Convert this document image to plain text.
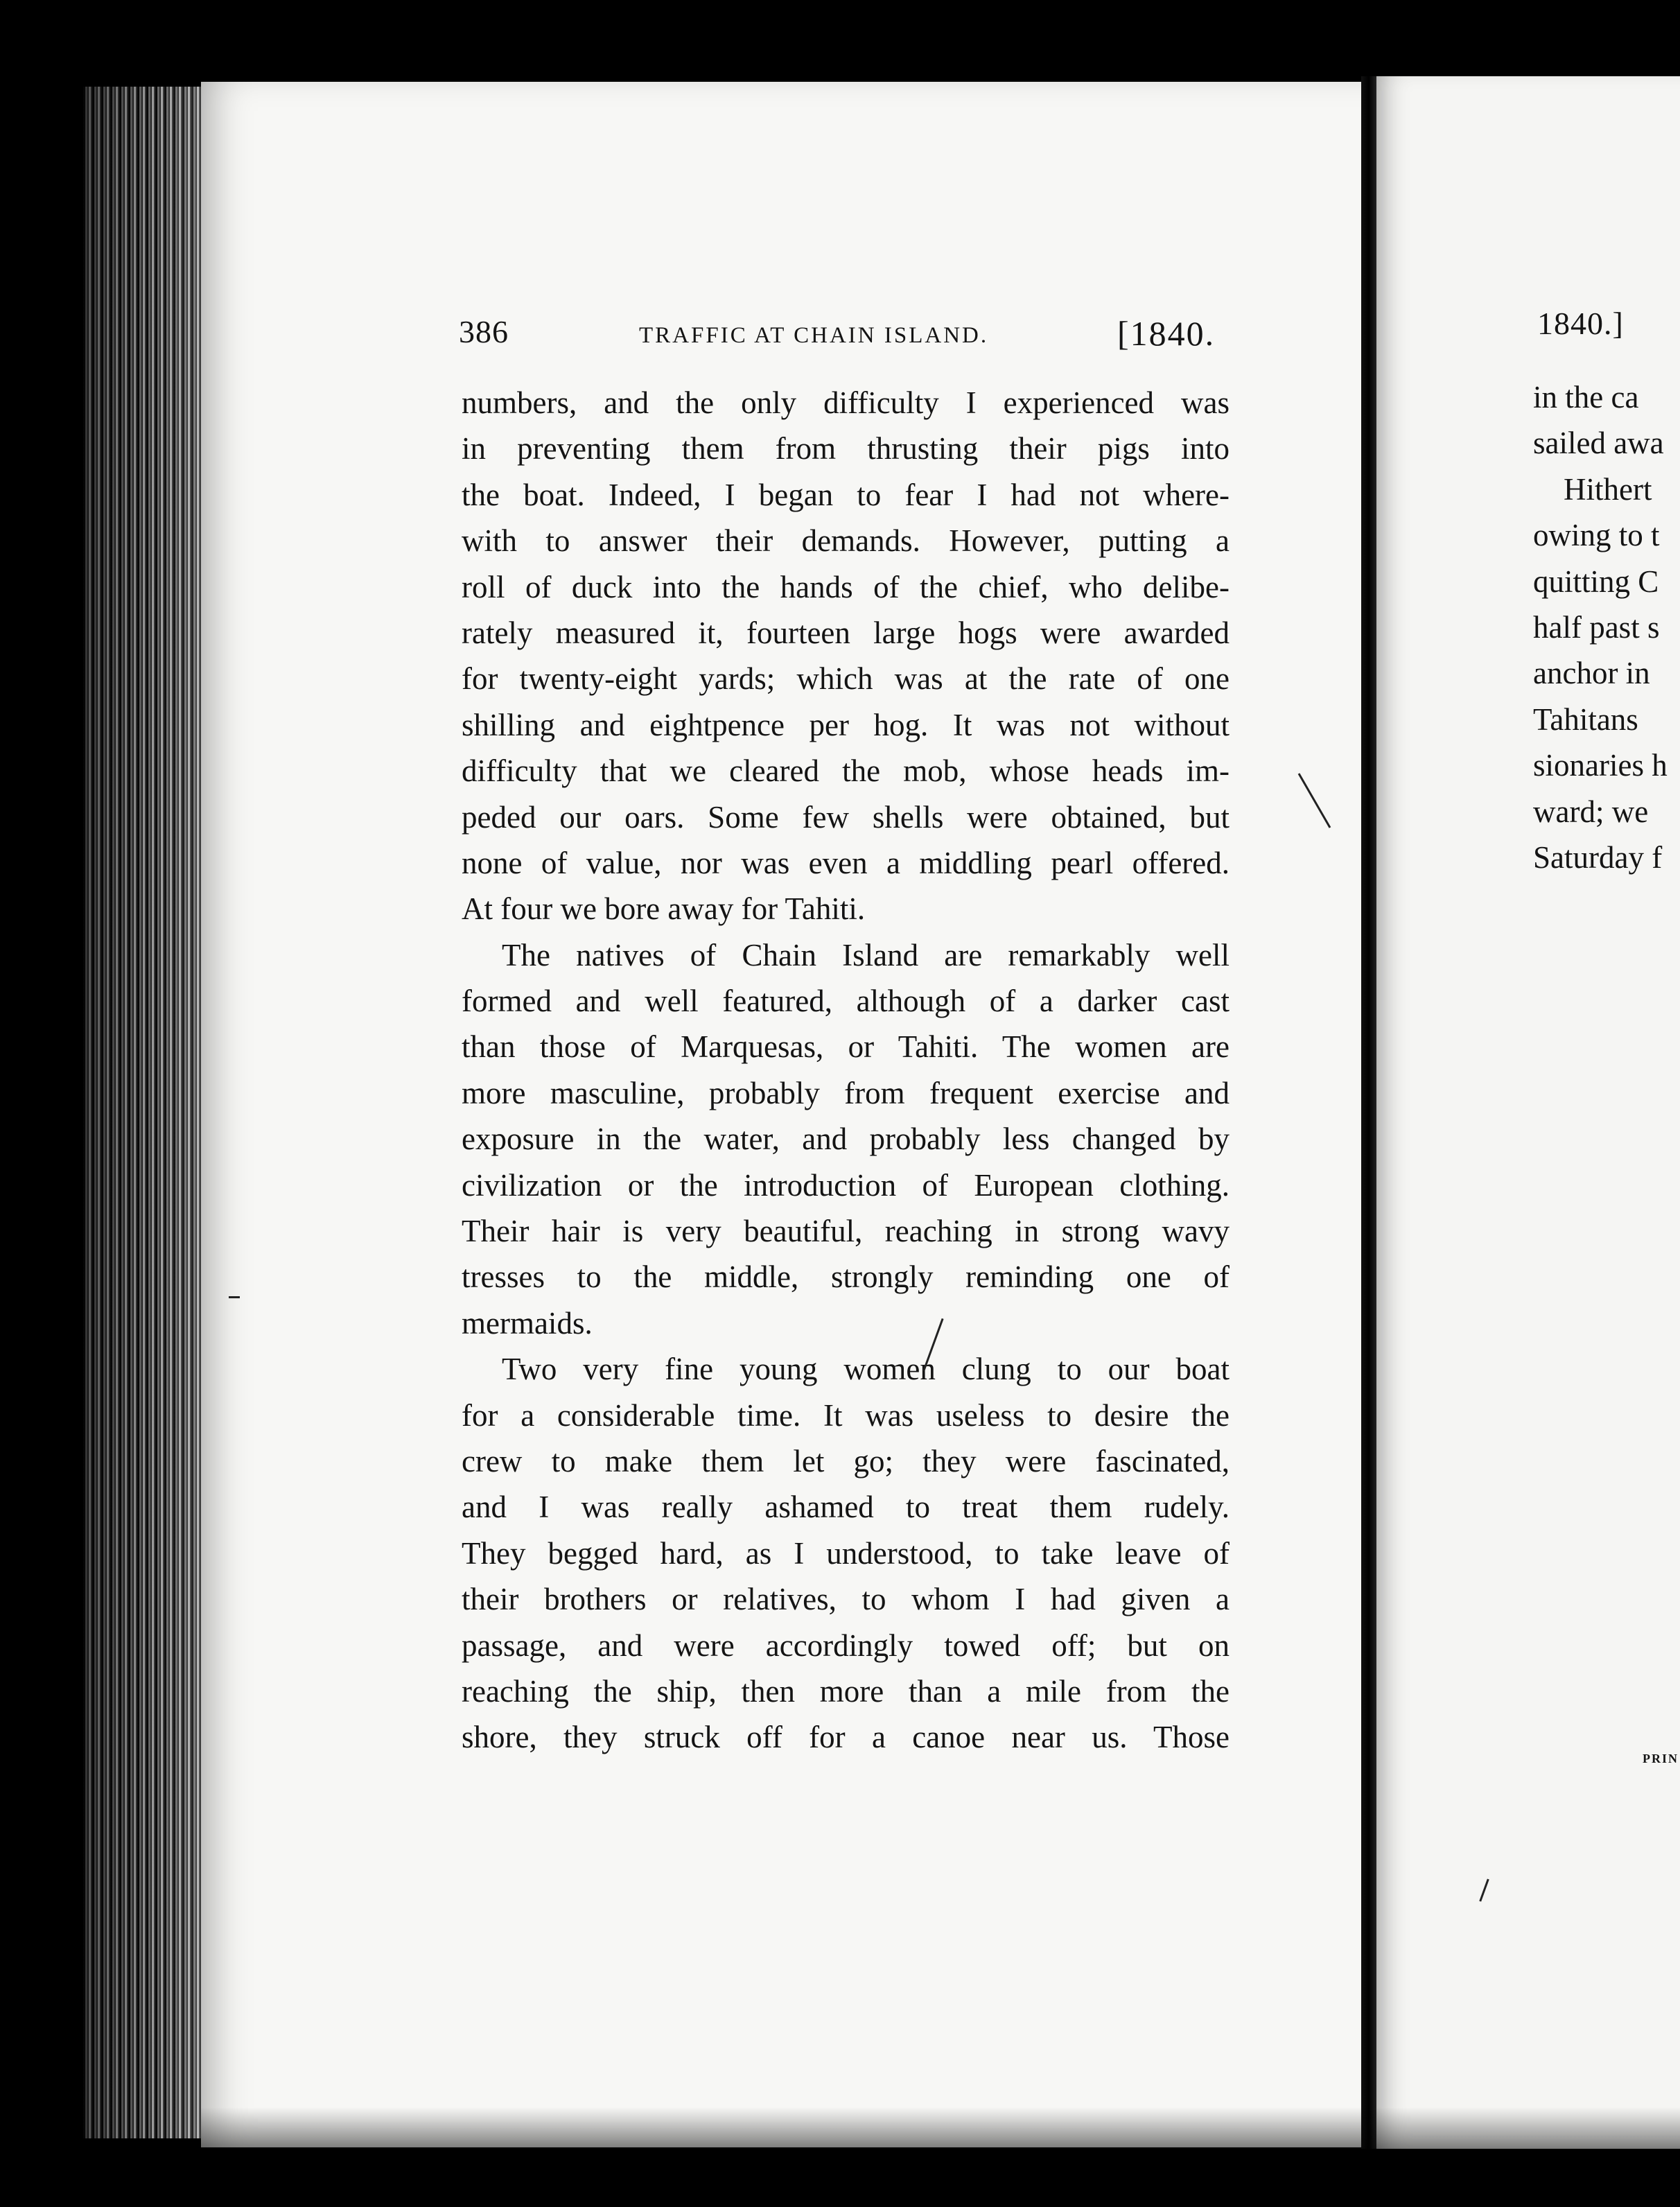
386	TRAFFIC AT CHAIN ISLAND.	[1840.
numbers, and the only difficulty I experienced was
in preventing them from thrusting their pigs into
the boat. Indeed, I began to fear I had not where-
with to answer their demands. However, putting a
roll of duck into the hands of the chief, who delibe-
rately measured it, fourteen large hogs were awarded
for twenty-eight yards; which was at the rate of one
shilling and eightpence per hog. It was not without
difficulty that we cleared the mob, whose heads im-
peded our oars. Some few shells were obtained, but
none of value, nor was even a middling pearl offered.
At four we bore away for Tahiti.
The natives of Chain Island are remarkably well
formed and well featured, although of a darker cast
than those of Marquesas, or Tahiti. The women are
more masculine, probably from frequent exercise and
exposure in the water, and probably less changed by
civilization or the introduction of European clothing.
Their hair is very beautiful, reaching in strong wavy
tresses to the middle, strongly reminding one of
mermaids.
Two very fine young women clung to our boat
for a considerable time. It was useless to desire the
crew to make them let go; they were fascinated,
and I was really ashamed to treat them rudely.
They begged hard, as I understood, to take leave of
their brothers or relatives, to whom I had given a
passage, and were accordingly towed off; but on
reaching the ship, then more than a mile from the
shore, they struck off for a canoe near us. Those
1840.]
in the ca
sailed awa
Hithert
owing to t
quitting C
half past s
anchor in
Tahitans
sionaries h
ward; we
Saturday f
PRIN
